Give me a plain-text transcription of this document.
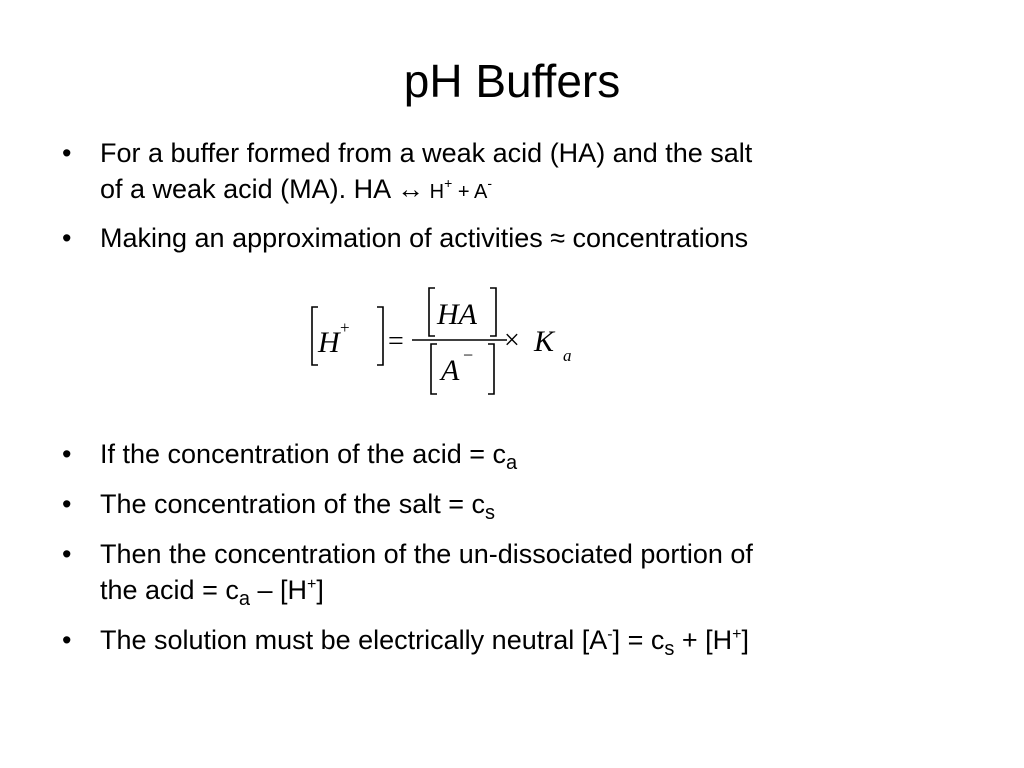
pH Buffers
• For a buffer formed from a weak acid (HA) and the salt
of a weak acid (MA). HA ↔ H+ + A-
• Making an approximation of activities ≈ concentrations
• If the concentration of the acid = $c_a$
• The concentration of the salt = $c_s$
• Then the concentration of the un-dissociated portion of
the acid = $c_a - [H^+]$
• The solution must be electrically neutral $[A^-] = c_s + [H^+]$
H + =
HA
A − × K a
